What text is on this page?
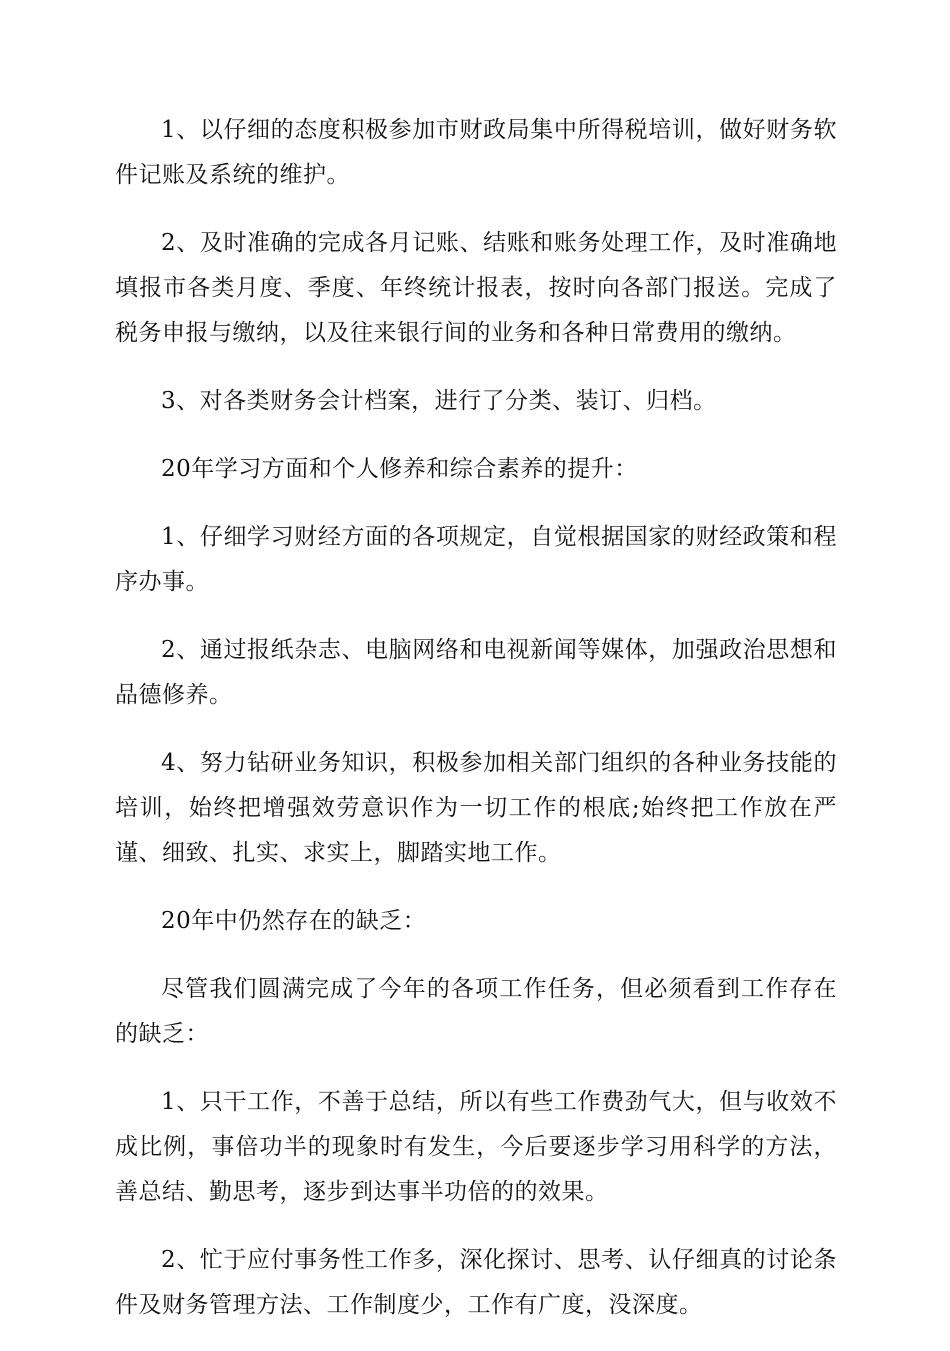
1、以仔细的态度积极参加市财政局集中所得税培训，做好财务软件记账及系统的维护。

2、及时准确的完成各月记账、结账和账务处理工作，及时准确地填报市各类月度、季度、年终统计报表，按时向各部门报送。完成了税务申报与缴纳，以及往来银行间的业务和各种日常费用的缴纳。

3、对各类财务会计档案，进行了分类、装订、归档。

20年学习方面和个人修养和综合素养的提升：

1、仔细学习财经方面的各项规定，自觉根据国家的财经政策和程序办事。

2、通过报纸杂志、电脑网络和电视新闻等媒体，加强政治思想和品德修养。

4、努力钻研业务知识，积极参加相关部门组织的各种业务技能的培训，始终把增强效劳意识作为一切工作的根底;始终把工作放在严谨、细致、扎实、求实上，脚踏实地工作。

20年中仍然存在的缺乏：

尽管我们圆满完成了今年的各项工作任务，但必须看到工作存在的缺乏：

1、只干工作，不善于总结，所以有些工作费劲气大，但与收效不成比例，事倍功半的现象时有发生，今后要逐步学习用科学的方法，善总结、勤思考，逐步到达事半功倍的的效果。

2、忙于应付事务性工作多，深化探讨、思考、认仔细真的讨论条件及财务管理方法、工作制度少，工作有广度，没深度。
